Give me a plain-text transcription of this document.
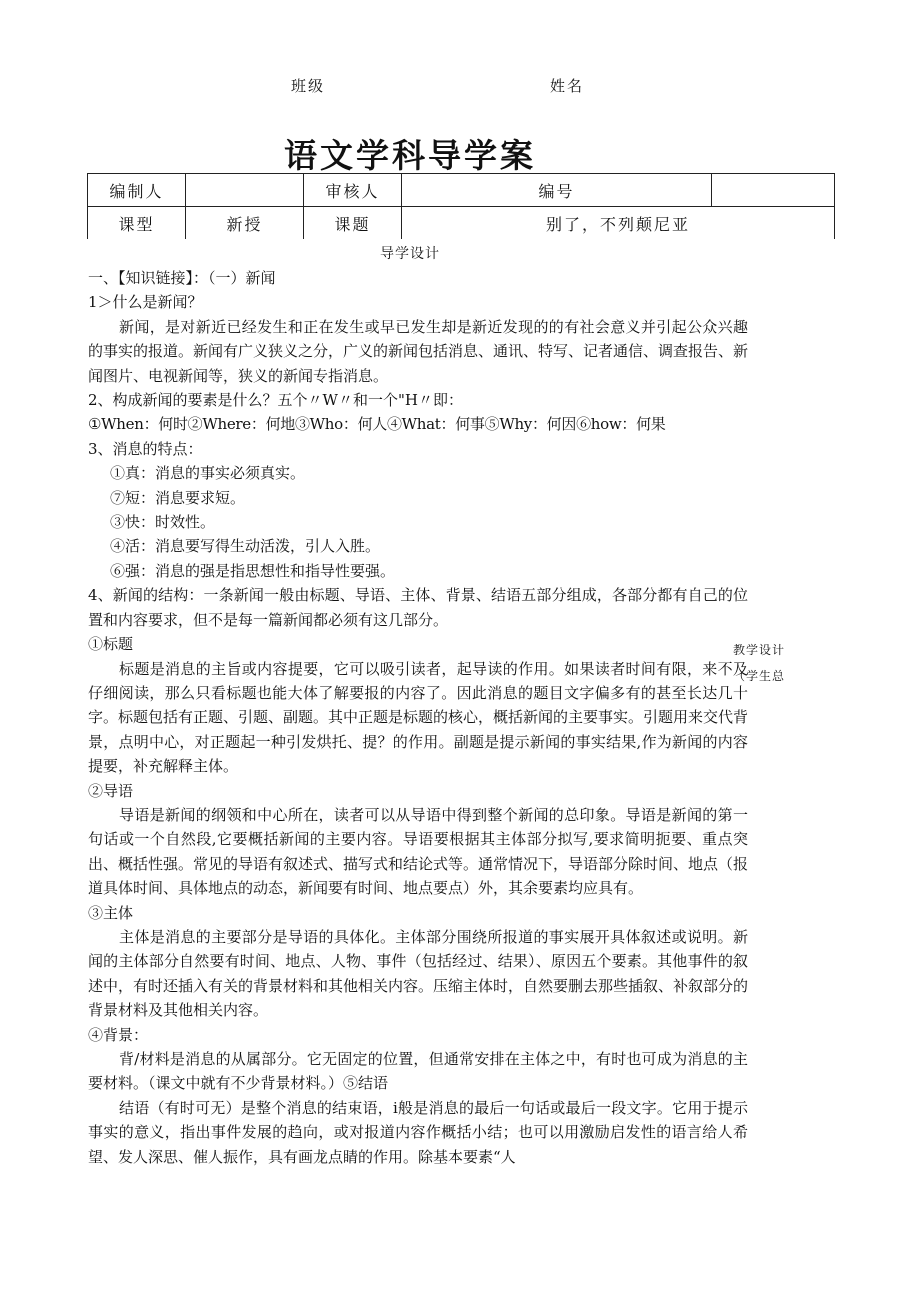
班级	姓名
语文学科导学案
编制人		审核人	编号	
课型	新授	课题	别了，不列颠尼亚	
导学设计
教学设计
（学生总

一、【知识链接】：（一）新闻

1＞什么是新闻？

新闻，是对新近已经发生和正在发生或早已发生却是新近发现的的有社会意义并引起公众兴趣的事实的报道。新闻有广义狭义之分，广义的新闻包括消息、通讯、特写、记者通信、调查报告、新闻图片、电视新闻等，狭义的新闻专指消息。

2、构成新闻的要素是什么？五个〃W〃和一个"H〃即：

①When：何时②Where：何地③Who：何人④What：何事⑤Why：何因⑥how：何果

3、消息的特点：

①真：消息的事实必须真实。

⑦短：消息要求短。

③快：时效性。

④活：消息要写得生动活泼，引人入胜。

⑥强：消息的强是指思想性和指导性要强。

4、新闻的结构：一条新闻一般由标题、导语、主体、背景、结语五部分组成，各部分都有自己的位置和内容要求，但不是每一篇新闻都必须有这几部分。

①标题

标题是消息的主旨或内容提要，它可以吸引读者，起导读的作用。如果读者时间有限，来不及仔细阅读，那么只看标题也能大体了解要报的内容了。因此消息的题目文字偏多有的甚至长达几十字。标题包括有正题、引题、副题。其中正题是标题的核心，概括新闻的主要事实。引题用来交代背景，点明中心，对正题起一种引发烘托、提？的作用。副题是提示新闻的事实结果,作为新闻的内容提要，补充解释主体。

②导语

导语是新闻的纲领和中心所在，读者可以从导语中得到整个新闻的总印象。导语是新闻的第一句话或一个自然段,它要概括新闻的主要内容。导语要根据其主体部分拟写,要求简明扼要、重点突出、概括性强。常见的导语有叙述式、描写式和结论式等。通常情况下，导语部分除时间、地点（报道具体时间、具体地点的动态，新闻要有时间、地点要点）外，其余要素均应具有。

③主体

主体是消息的主要部分是导语的具体化。主体部分围绕所报道的事实展开具体叙述或说明。新闻的主体部分自然要有时间、地点、人物、事件（包括经过、结果）、原因五个要素。其他事件的叙述中，有时还插入有关的背景材料和其他相关内容。压缩主体时，自然要删去那些插叙、补叙部分的背景材料及其他相关内容。

④背景：

背/材料是消息的从属部分。它无固定的位置，但通常安排在主体之中，有时也可成为消息的主要材料。（课文中就有不少背景材料。）⑤结语

结语（有时可无）是整个消息的结束语，i般是消息的最后一句话或最后一段文字。它用于提示事实的意义，指出事件发展的趋向，或对报道内容作概括小结；也可以用激励启发性的语言给人希望、发人深思、催人振作，具有画龙点睛的作用。除基本要素“人
